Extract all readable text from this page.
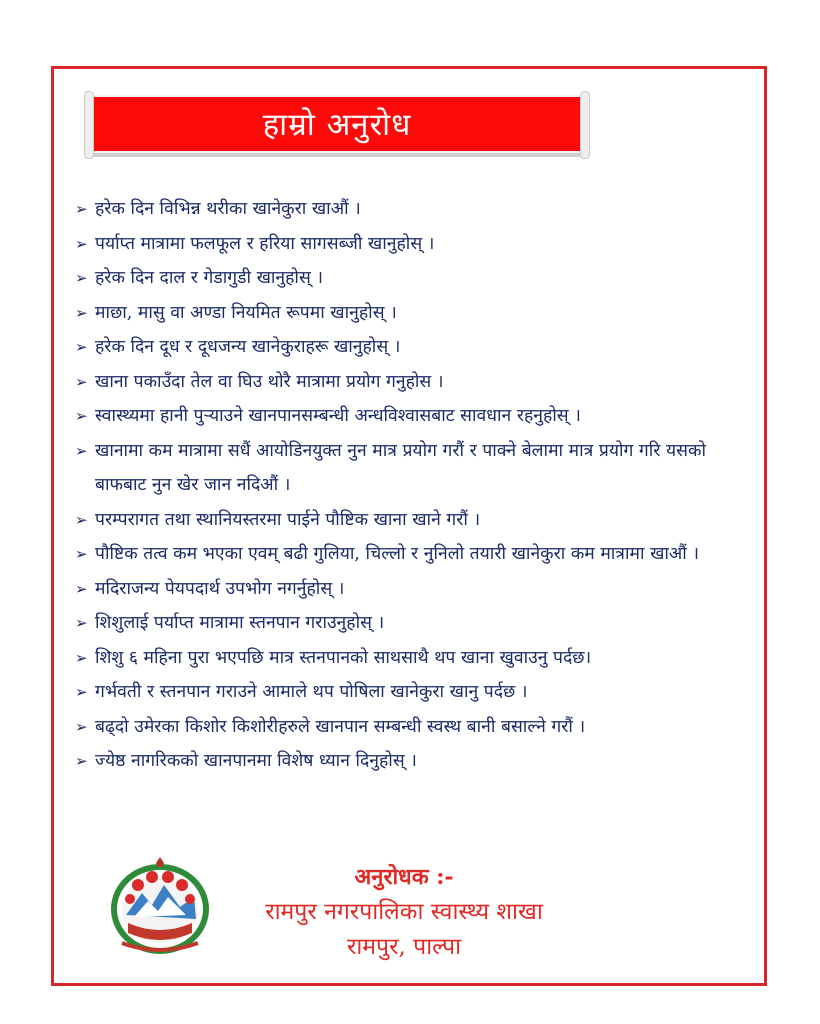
हाम्रो अनुरोध
➢ हरेक दिन विभिन्न थरीका खानेकुरा खाऔं ।
➢ पर्याप्त मात्रामा फलफूल र हरिया सागसब्जी खानुहोस् ।
➢ हरेक दिन दाल र गेडागुडी खानुहोस् ।
➢ माछा, मासु वा अण्डा नियमित रूपमा खानुहोस् ।
➢ हरेक दिन दूध र दूधजन्य खानेकुराहरू खानुहोस् ।
➢ खाना पकाउँदा तेल वा घिउ थोरै मात्रामा प्रयोग गनुहोस ।
➢ स्वास्थ्यमा हानी पुर्‍याउने खानपानसम्बन्धी अन्धविश्वासबाट सावधान रहनुहोस् ।
➢ खानामा कम मात्रामा सधैं आयोडिनयुक्त नुन मात्र प्रयोग गरौं र पाक्ने बेलामा मात्र प्रयोग गरि यसको बाफबाट नुन खेर जान नदिऔं ।
➢ परम्परागत तथा स्थानियस्तरमा पाईने पौष्टिक खाना खाने गरौं ।
➢ पौष्टिक तत्व कम भएका एवम् बढी गुलिया, चिल्लो र नुनिलो तयारी खानेकुरा कम मात्रामा खाऔं ।
➢ मदिराजन्य पेयपदार्थ उपभोग नगर्नुहोस् ।
➢ शिशुलाई पर्याप्त मात्रामा स्तनपान गराउनुहोस् ।
➢ शिशु ६ महिना पुरा भएपछि मात्र स्तनपानको साथसाथै थप खाना खुवाउनु पर्दछ।
➢ गर्भवती र स्तनपान गराउने आमाले थप पोषिला खानेकुरा खानु पर्दछ ।
➢ बढ्दो उमेरका किशोर किशोरीहरुले खानपान सम्बन्धी स्वस्थ बानी बसाल्ने गरौं ।
➢ ज्येष्ठ नागरिकको खानपानमा विशेष ध्यान दिनुहोस् ।
अनुरोधक :-
रामपुर नगरपालिका स्वास्थ्य शाखा
रामपुर, पाल्पा
